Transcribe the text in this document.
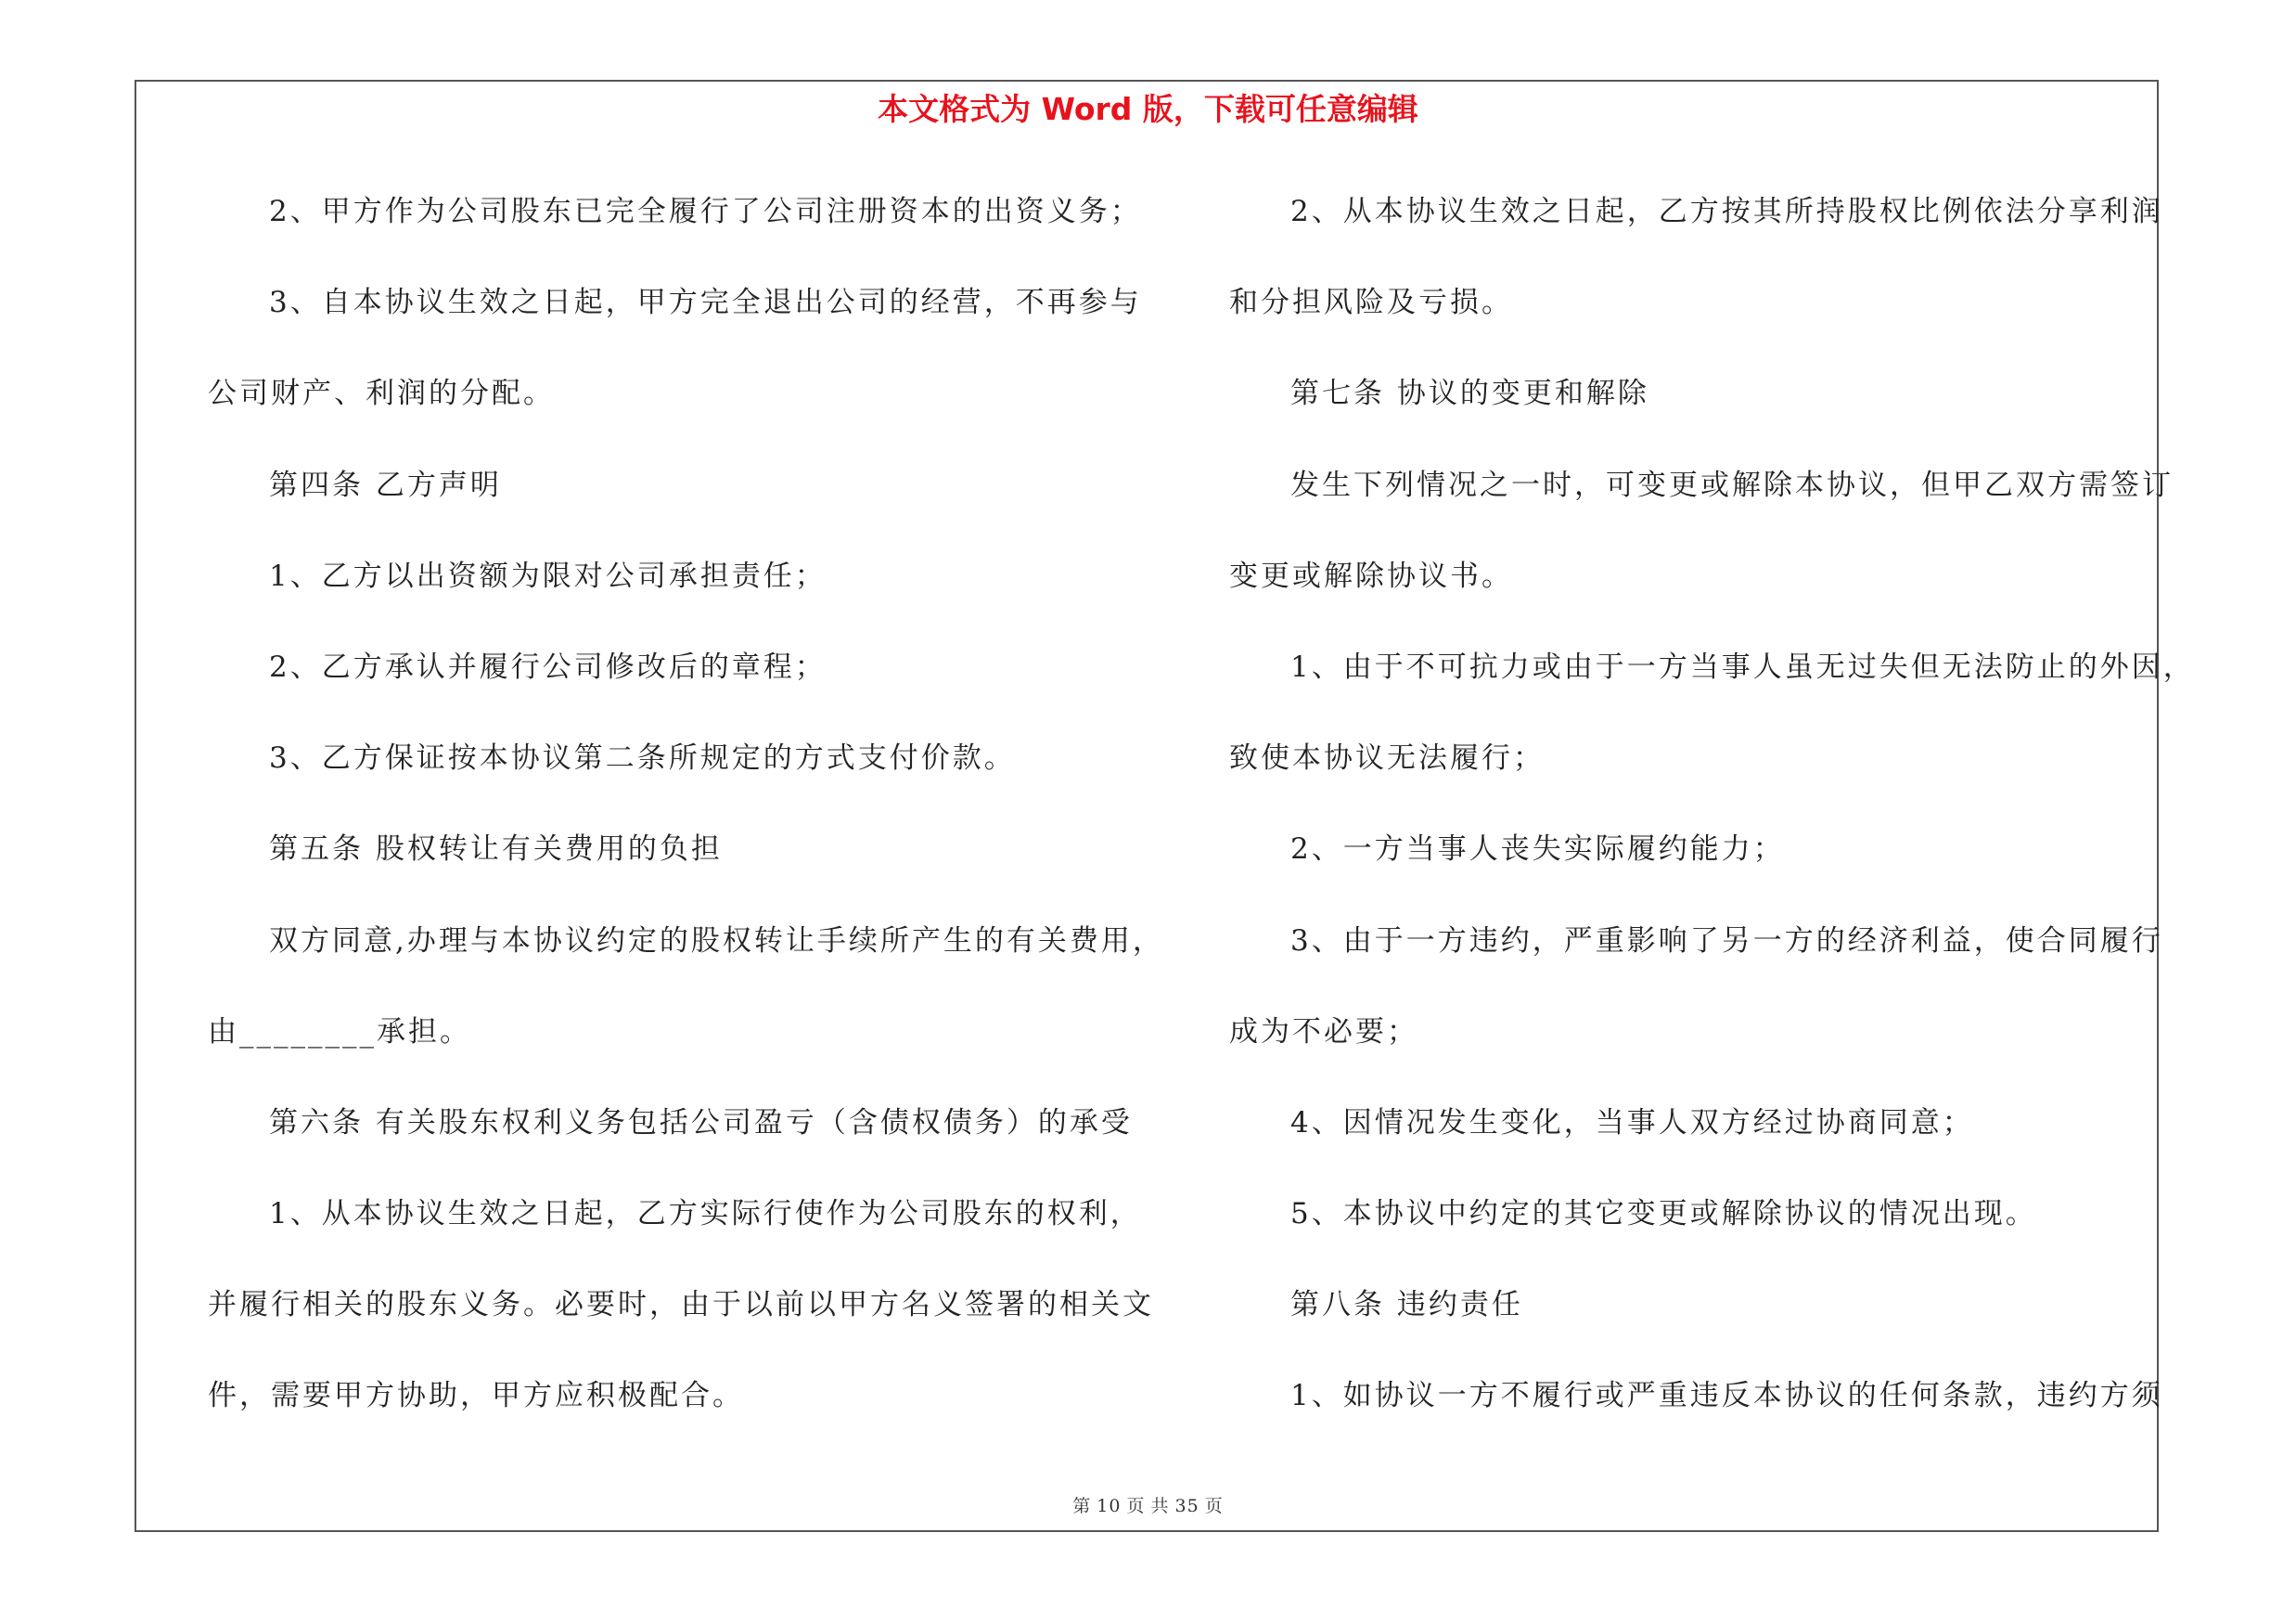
本文格式为 Word 版，下载可任意编辑
2、甲方作为公司股东已完全履行了公司注册资本的出资义务；
3、自本协议生效之日起，甲方完全退出公司的经营，不再参与
公司财产、利润的分配。
第四条 乙方声明
1、乙方以出资额为限对公司承担责任；
2、乙方承认并履行公司修改后的章程；
3、乙方保证按本协议第二条所规定的方式支付价款。
第五条 股权转让有关费用的负担
双方同意,办理与本协议约定的股权转让手续所产生的有关费用，
由________承担。
第六条 有关股东权利义务包括公司盈亏（含债权债务）的承受
1、从本协议生效之日起，乙方实际行使作为公司股东的权利，
并履行相关的股东义务。必要时，由于以前以甲方名义签署的相关文
件，需要甲方协助，甲方应积极配合。
2、从本协议生效之日起，乙方按其所持股权比例依法分享利润
和分担风险及亏损。
第七条 协议的变更和解除
发生下列情况之一时，可变更或解除本协议，但甲乙双方需签订
变更或解除协议书。
1、由于不可抗力或由于一方当事人虽无过失但无法防止的外因，
致使本协议无法履行；
2、一方当事人丧失实际履约能力；
3、由于一方违约，严重影响了另一方的经济利益，使合同履行
成为不必要；
4、因情况发生变化，当事人双方经过协商同意；
5、本协议中约定的其它变更或解除协议的情况出现。
第八条 违约责任
1、如协议一方不履行或严重违反本协议的任何条款，违约方须
第 10 页 共 35 页
